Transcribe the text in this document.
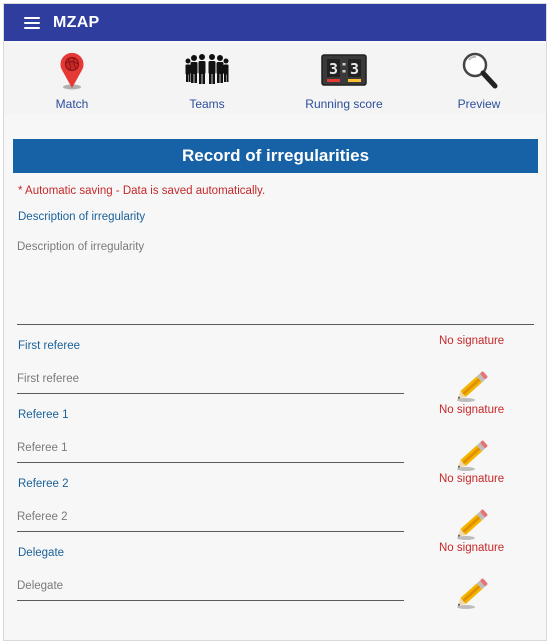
MZAP
Match	Teams
3 3
Running score	Preview
Record of irregularities
* Automatic saving - Data is saved automatically.
Description of irregularity
Description of irregularity
First referee	No signature
First referee
Referee 1	No signature
Referee 1
Referee 2	No signature
Referee 2
Delegate	No signature
Delegate
